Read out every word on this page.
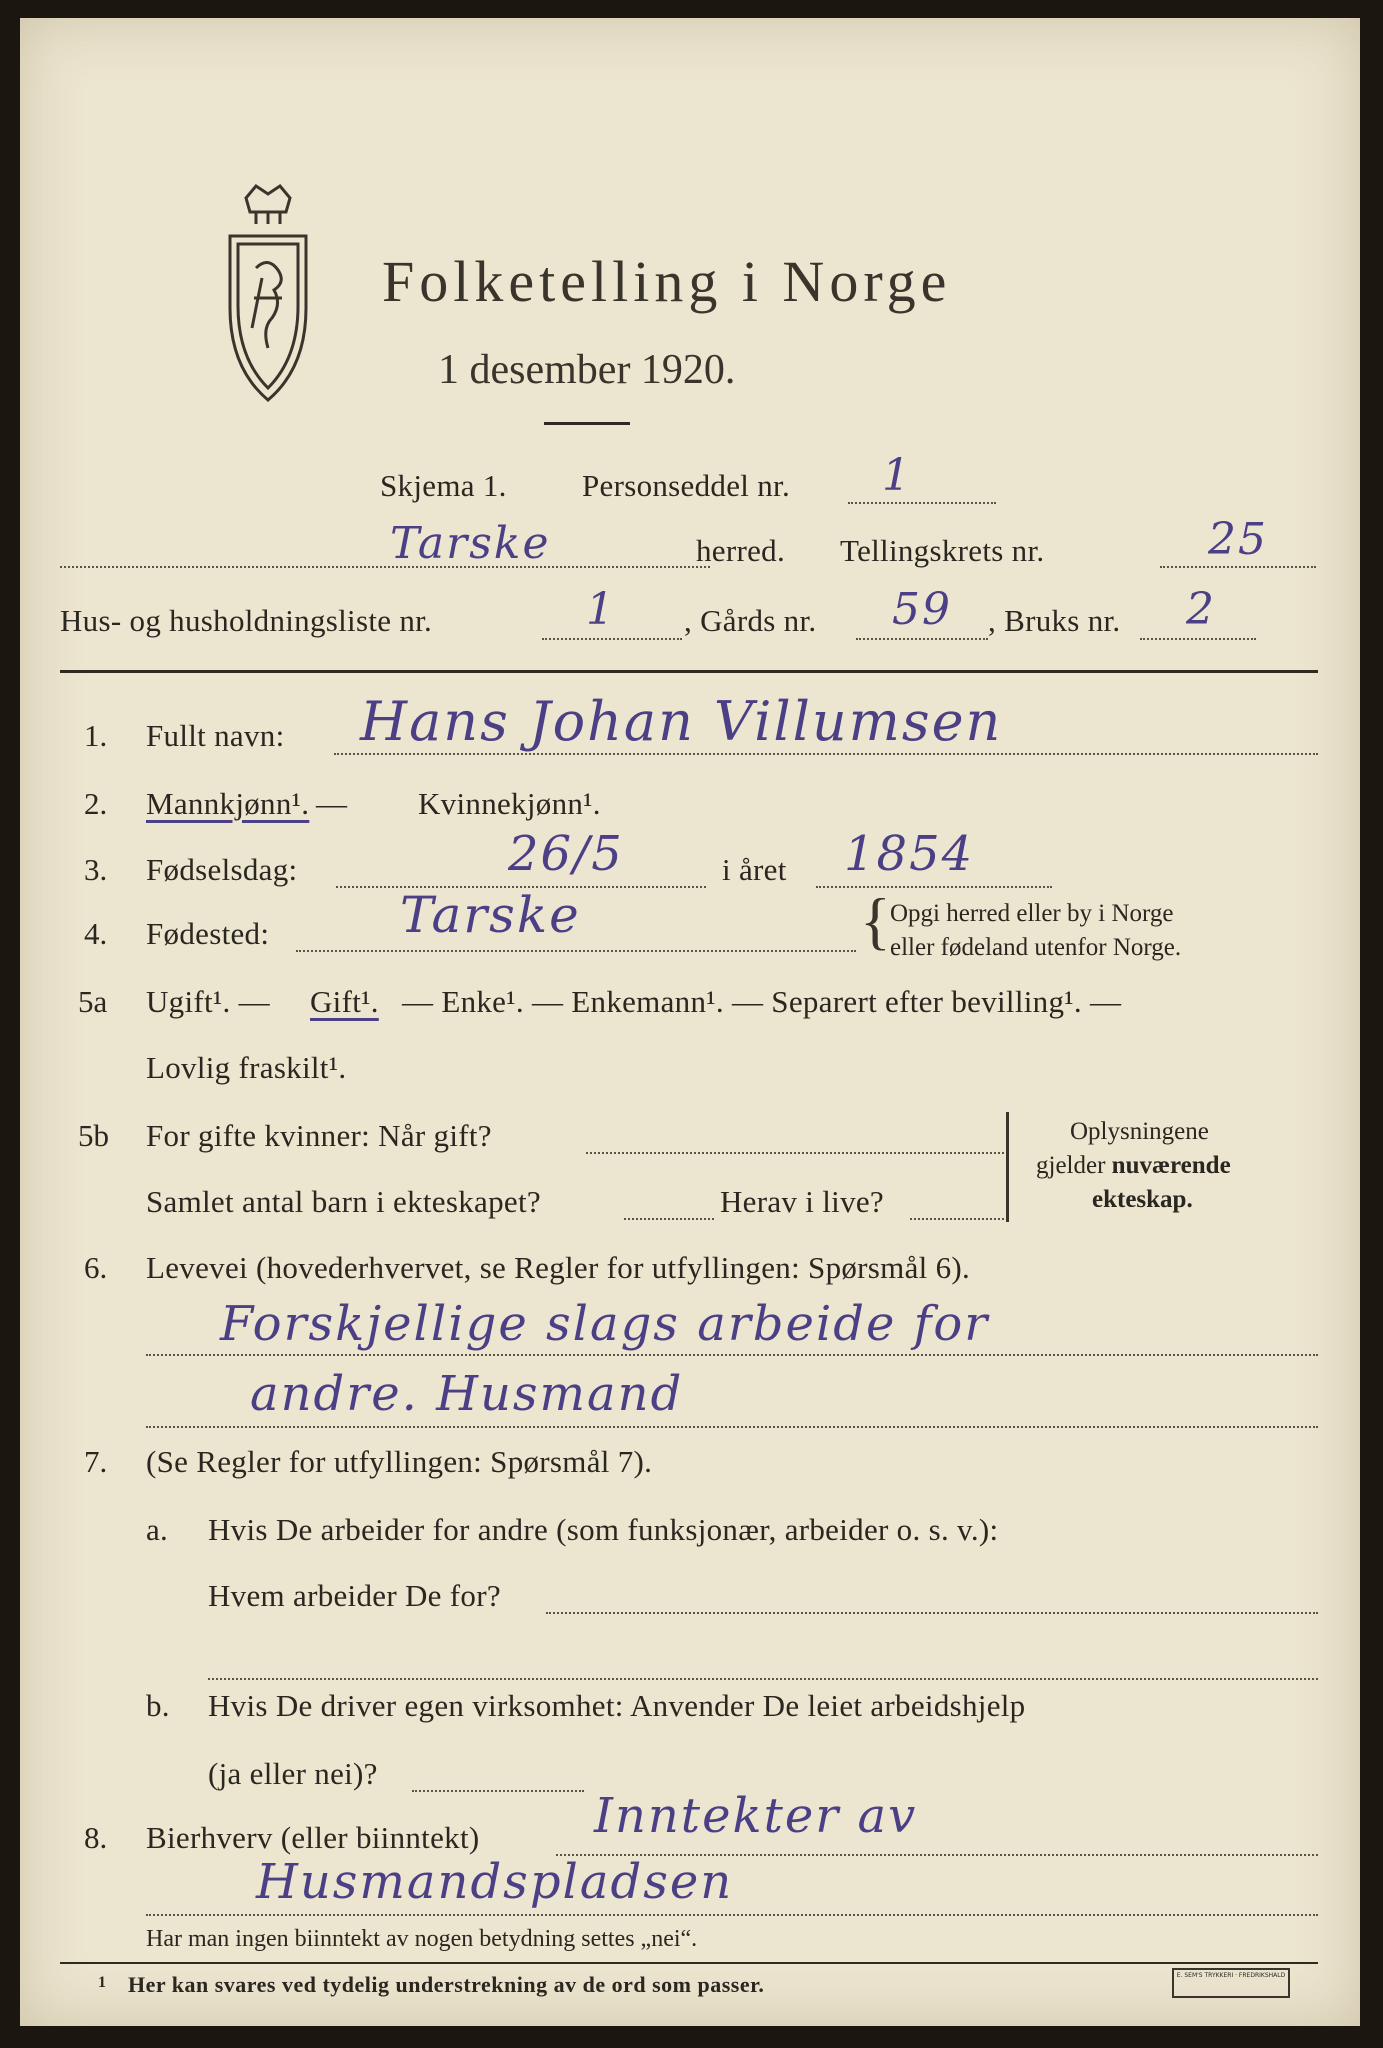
Folketelling i Norge
1 desember 1920.
Skjema 1. Personseddel nr. 1
Tarske	herred. Tellingskrets nr.	25
Hus- og husholdningsliste nr.	1 , Gårds nr. 59 , Bruks nr. 2
1. Fullt navn: Hans Johan Villumsen
2. Mannkjønn¹. — Kvinnekjønn¹.
3. Fødselsdag:	26/5	i året 1854
4. Fødested:	Tarske	{ Opgi herred eller by i Norge
eller fødeland utenfor Norge.
5a Ugift¹. — Gift¹. — Enke¹. — Enkemann¹. — Separert efter bevilling¹. —
Lovlig fraskilt¹.
5b For gifte kvinner: Når gift?
Samlet antal barn i ekteskapet?	Herav i live?
Oplysningene
gjelder nuværende
ekteskap.
6. Levevei (hovederhvervet, se Regler for utfyllingen: Spørsmål 6).
Forskjellige slags arbeide for
andre. Husmand
7. (Se Regler for utfyllingen: Spørsmål 7).
a. Hvis De arbeider for andre (som funksjonær, arbeider o. s. v.):
Hvem arbeider De for?
b. Hvis De driver egen virksomhet: Anvender De leiet arbeidshjelp
(ja eller nei)?
8. Bierhverv (eller biinntekt) Inntekter av
Husmandspladsen
Har man ingen biinntekt av nogen betydning settes „nei“.
1 Her kan svares ved tydelig understrekning av de ord som passer.	E. SEM'S TRYKKERI · FREDRIKSHALD
